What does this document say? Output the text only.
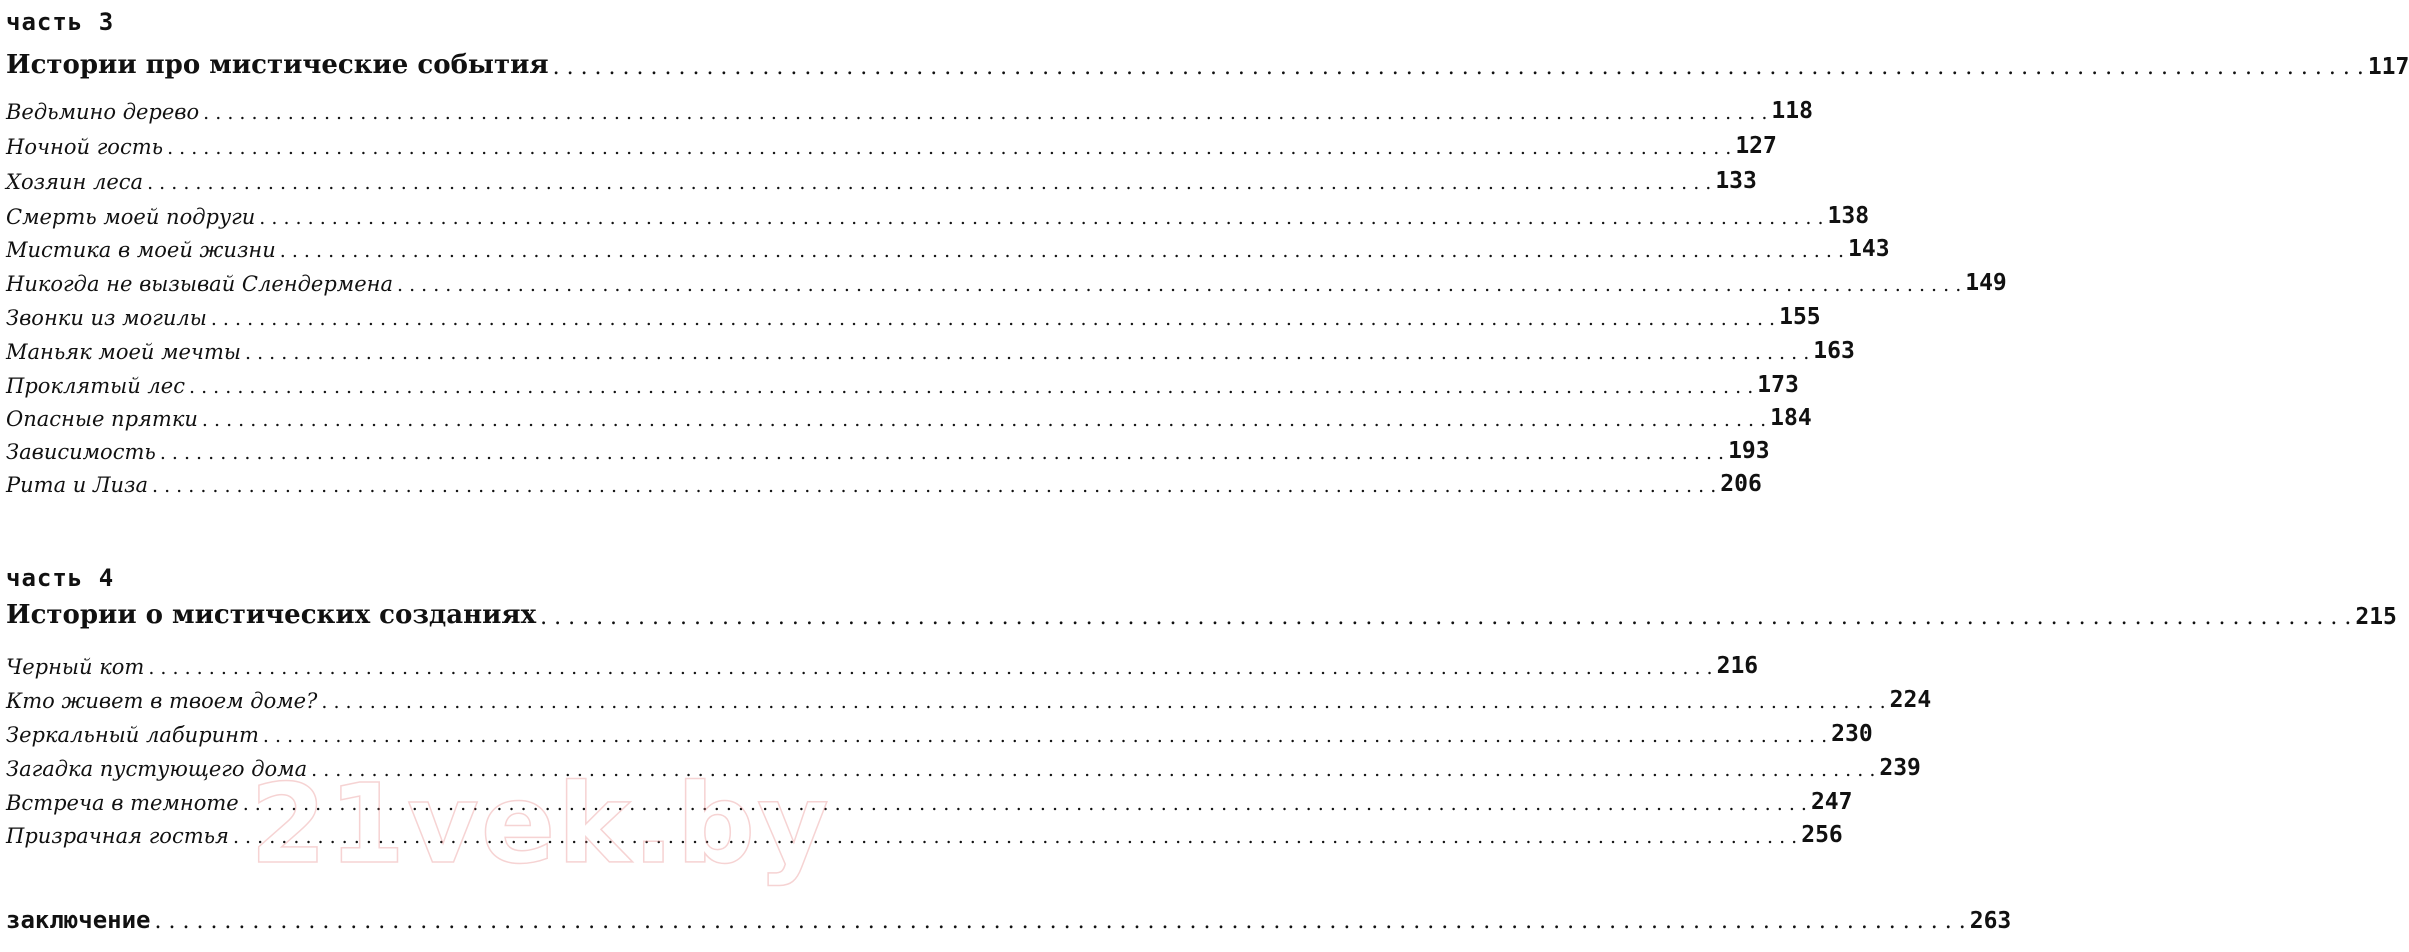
часть 3
Истории про мистические события . . .	117
Ведьмино дерево . . .	118
Ночной гость . . .	127
Хозяин леса . . .	133
Смерть моей подруги . . .	138
Мистика в моей жизни . . .	143
Никогда не вызывай Слендермена . . .	149
Звонки из могилы . . .	155
Маньяк моей мечты . . .	163
Проклятый лес . . .	173
Опасные прятки . . .	184
Зависимость . . .	193
Рита и Лиза . . .	206
часть 4
Истории о мистических созданиях . . .	215
Черный кот . . .	216
Кто живет в твоем доме? . . .	224
Зеркальный лабиринт . . .	230
Загадка пустующего дома . . .	239
Встреча в темноте . . .	247
Призрачная гостья . . .	256
заключение . . .	263
21vek.by
